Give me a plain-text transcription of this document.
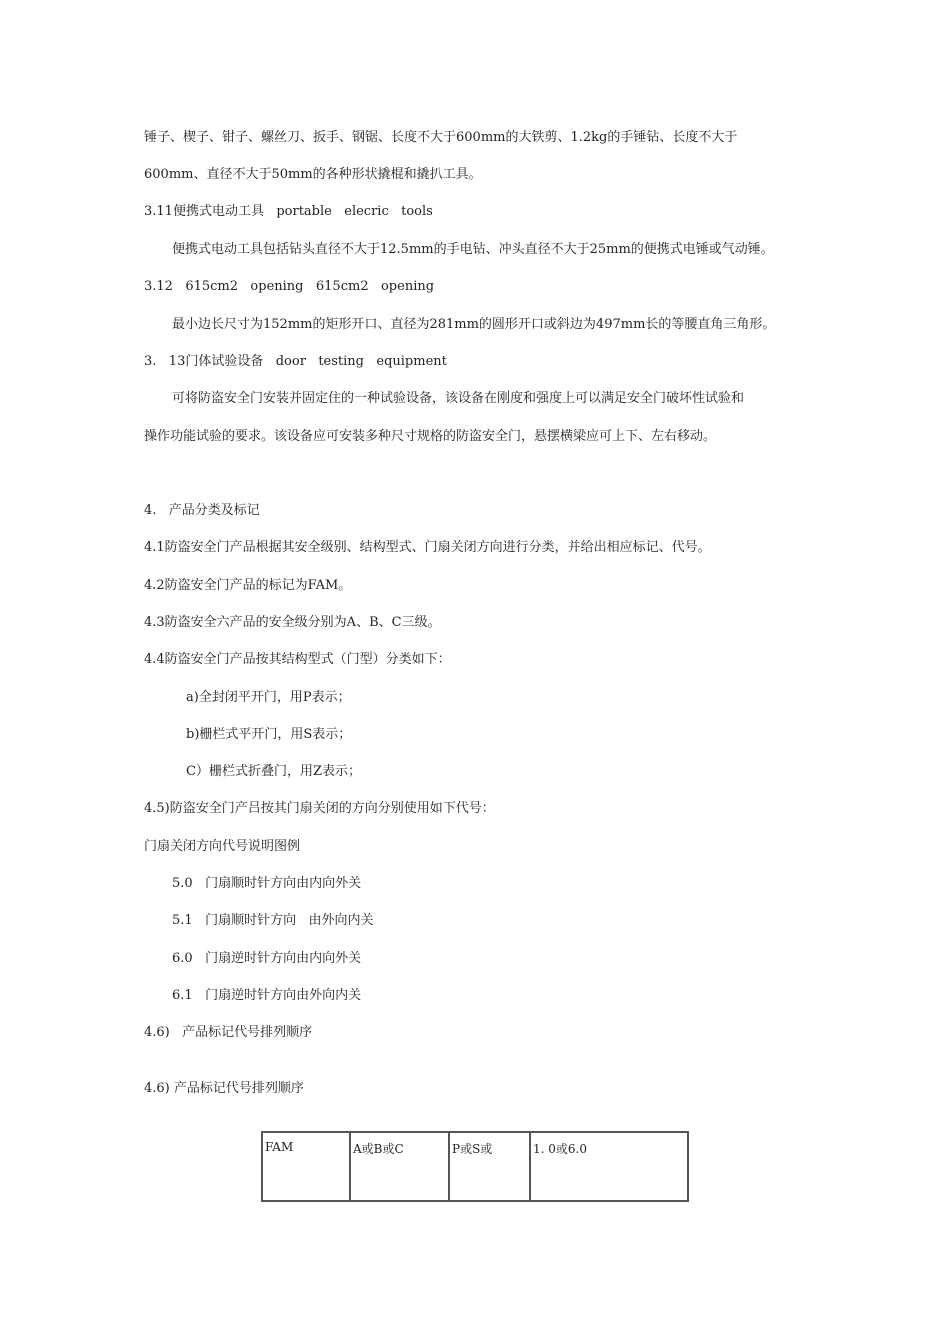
锤子、楔子、钳子、螺丝刀、扳手、钢锯、长度不大于600mm的大铁剪、1.2kg的手锤钻、长度不大于
600mm、直径不大于50mm的各种形状撬棍和撬扒工具。
3.11便携式电动工具   portable   elecric   tools
便携式电动工具包括钻头直径不大于12.5mm的手电钻、冲头直径不大于25mm的便携式电锤或气动锤。
3.12   615cm2   opening   615cm2   opening
最小边长尺寸为152mm的矩形开口、直径为281mm的圆形开口或斜边为497mm长的等腰直角三角形。
3.   13门体试验设备   door   testing   equipment
可将防盗安全门安装并固定住的一种试验设备，该设备在刚度和强度上可以满足安全门破坏性试验和
操作功能试验的要求。该设备应可安装多种尺寸规格的防盗安全门，悬摆横梁应可上下、左右移动。
4.   产品分类及标记
4.1防盗安全门产品根据其安全级别、结构型式、门扇关闭方向进行分类，并给出相应标记、代号。
4.2防盗安全门产品的标记为FAM。
4.3防盗安全六产品的安全级分别为A、B、C三级。
4.4防盗安全门产品按其结构型式（门型）分类如下：
a)全封闭平开门，用P表示；
b)栅栏式平开门，用S表示；
C）栅栏式折叠门，用Z表示；
4.5)防盗安全门产吕按其门扇关闭的方向分别使用如下代号：
门扇关闭方向代号说明图例
5.0   门扇顺时针方向由内向外关
5.1   门扇顺时针方向   由外向内关
6.0   门扇逆时针方向由内向外关
6.1   门扇逆时针方向由外向内关
4.6)   产品标记代号排列顺序
4.6) 产品标记代号排列顺序
FAM	A或B或C	P或S或	1. 0或6.0
